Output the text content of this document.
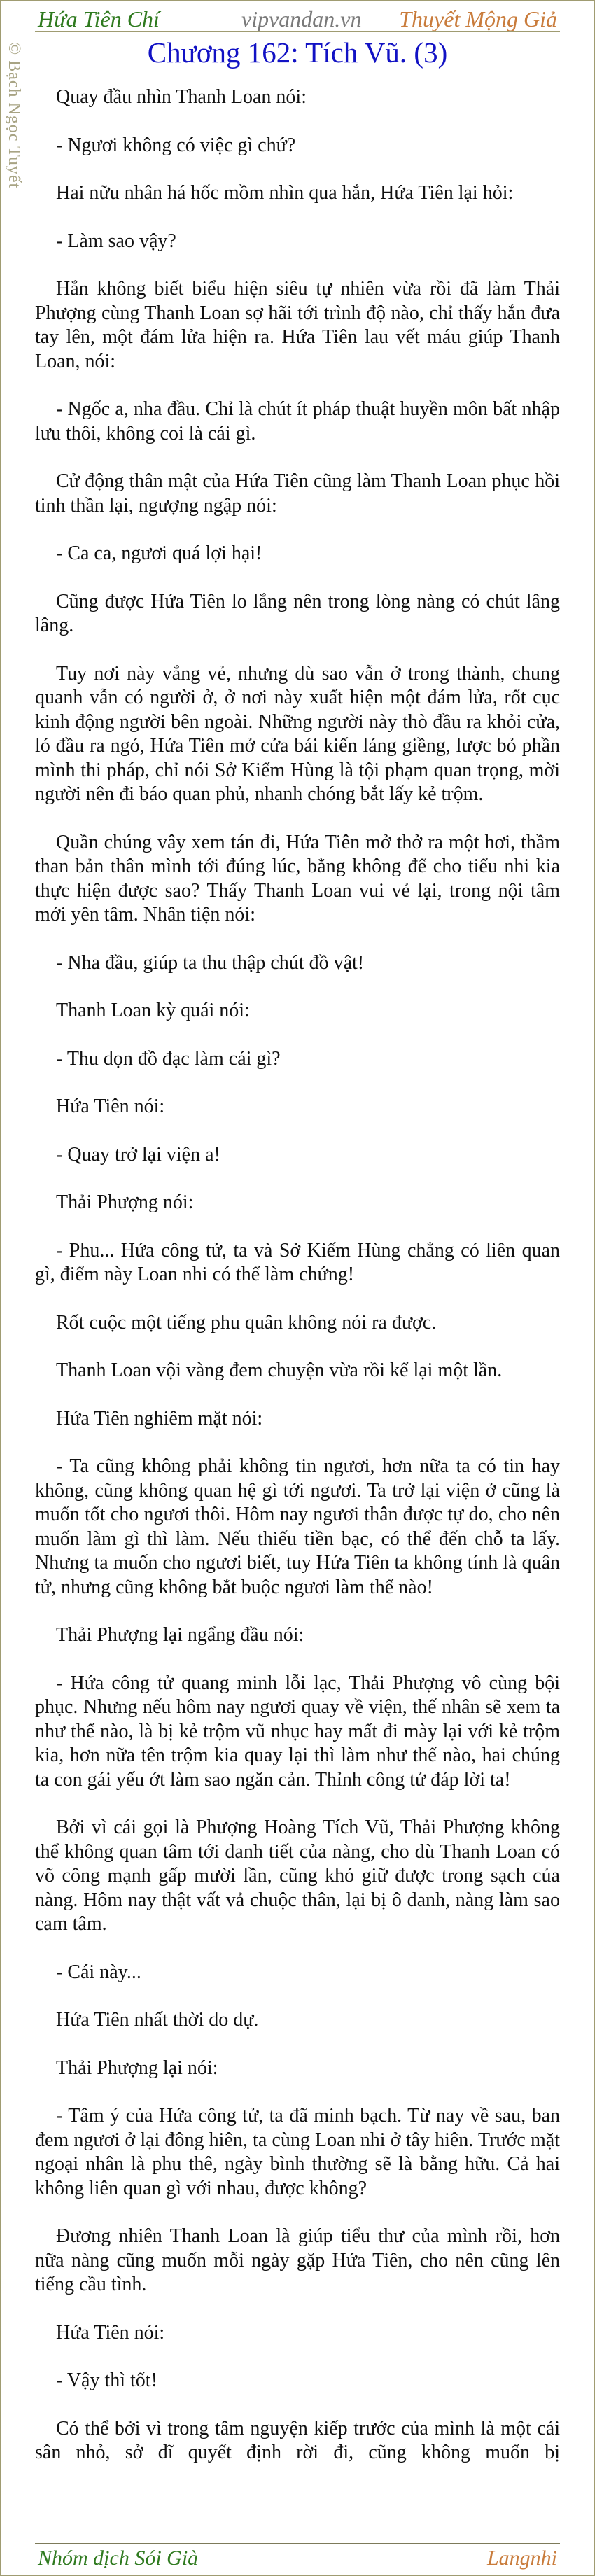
Hứa Tiên Chí	vipvandan.vn Thuyết Mộng Giả
© Bạch Ngọc Tuyết	Chương 162: Tích Vũ. (3)

Quay đầu nhìn Thanh Loan nói:

- Ngươi không có việc gì chứ?

Hai nữu nhân há hốc mồm nhìn qua hắn, Hứa Tiên lại hỏi:

- Làm sao vậy?

Hắn không biết biểu hiện siêu tự nhiên vừa rồi đã làm Thải Phượng cùng Thanh Loan sợ hãi tới trình độ nào, chỉ thấy hắn đưa tay lên, một đám lửa hiện ra. Hứa Tiên lau vết máu giúp Thanh Loan, nói:

- Ngốc a, nha đầu. Chỉ là chút ít pháp thuật huyền môn bất nhập lưu thôi, không coi là cái gì.

Cử động thân mật của Hứa Tiên cũng làm Thanh Loan phục hồi tinh thần lại, ngượng ngập nói:

- Ca ca, ngươi quá lợi hại!

Cũng được Hứa Tiên lo lắng nên trong lòng nàng có chút lâng lâng.

Tuy nơi này vắng vẻ, nhưng dù sao vẫn ở trong thành, chung quanh vẫn có người ở, ở nơi này xuất hiện một đám lửa, rốt cục kinh động người bên ngoài. Những người này thò đầu ra khỏi cửa, ló đầu ra ngó, Hứa Tiên mở cửa bái kiến láng giềng, lược bỏ phần mình thi pháp, chỉ nói Sở Kiếm Hùng là tội phạm quan trọng, mời người nên đi báo quan phủ, nhanh chóng bắt lấy kẻ trộm.

Quần chúng vây xem tán đi, Hứa Tiên mở thở ra một hơi, thầm than bản thân mình tới đúng lúc, bằng không để cho tiểu nhi kia thực hiện được sao? Thấy Thanh Loan vui vẻ lại, trong nội tâm mới yên tâm. Nhân tiện nói:

- Nha đầu, giúp ta thu thập chút đồ vật!

Thanh Loan kỳ quái nói:

- Thu dọn đồ đạc làm cái gì?

Hứa Tiên nói:

- Quay trở lại viện a!

Thải Phượng nói:

- Phu... Hứa công tử, ta và Sở Kiếm Hùng chẳng có liên quan gì, điểm này Loan nhi có thể làm chứng!

Rốt cuộc một tiếng phu quân không nói ra được.

Thanh Loan vội vàng đem chuyện vừa rồi kể lại một lần.

Hứa Tiên nghiêm mặt nói:

- Ta cũng không phải không tin ngươi, hơn nữa ta có tin hay không, cũng không quan hệ gì tới ngươi. Ta trở lại viện ở cũng là muốn tốt cho ngươi thôi. Hôm nay ngươi thân được tự do, cho nên muốn làm gì thì làm. Nếu thiếu tiền bạc, có thể đến chỗ ta lấy. Nhưng ta muốn cho ngươi biết, tuy Hứa Tiên ta không tính là quân tử, nhưng cũng không bắt buộc ngươi làm thế nào!

Thải Phượng lại ngẩng đầu nói:

- Hứa công tử quang minh lỗi lạc, Thải Phượng vô cùng bội phục. Nhưng nếu hôm nay ngươi quay về viện, thế nhân sẽ xem ta như thế nào, là bị kẻ trộm vũ nhục hay mất đi mày lại với kẻ trộm kia, hơn nữa tên trộm kia quay lại thì làm như thế nào, hai chúng ta con gái yếu ớt làm sao ngăn cản. Thỉnh công tử đáp lời ta!

Bởi vì cái gọi là Phượng Hoàng Tích Vũ, Thải Phượng không thể không quan tâm tới danh tiết của nàng, cho dù Thanh Loan có võ công mạnh gấp mười lần, cũng khó giữ được trong sạch của nàng. Hôm nay thật vất vả chuộc thân, lại bị ô danh, nàng làm sao cam tâm.

- Cái này...

Hứa Tiên nhất thời do dự.

Thải Phượng lại nói:

- Tâm ý của Hứa công tử, ta đã minh bạch. Từ nay về sau, ban đem ngươi ở lại đông hiên, ta cùng Loan nhi ở tây hiên. Trước mặt ngoại nhân là phu thê, ngày bình thường sẽ là bằng hữu. Cả hai không liên quan gì với nhau, được không?

Đương nhiên Thanh Loan là giúp tiểu thư của mình rồi, hơn nữa nàng cũng muốn mỗi ngày gặp Hứa Tiên, cho nên cũng lên tiếng cầu tình.

Hứa Tiên nói:

- Vậy thì tốt!

Có thể bởi vì trong tâm nguyện kiếp trước của mình là một cái sân nhỏ, sở dĩ quyết định rời đi, cũng không muốn bị

Nhóm dịch Sói Già	Langnhi
